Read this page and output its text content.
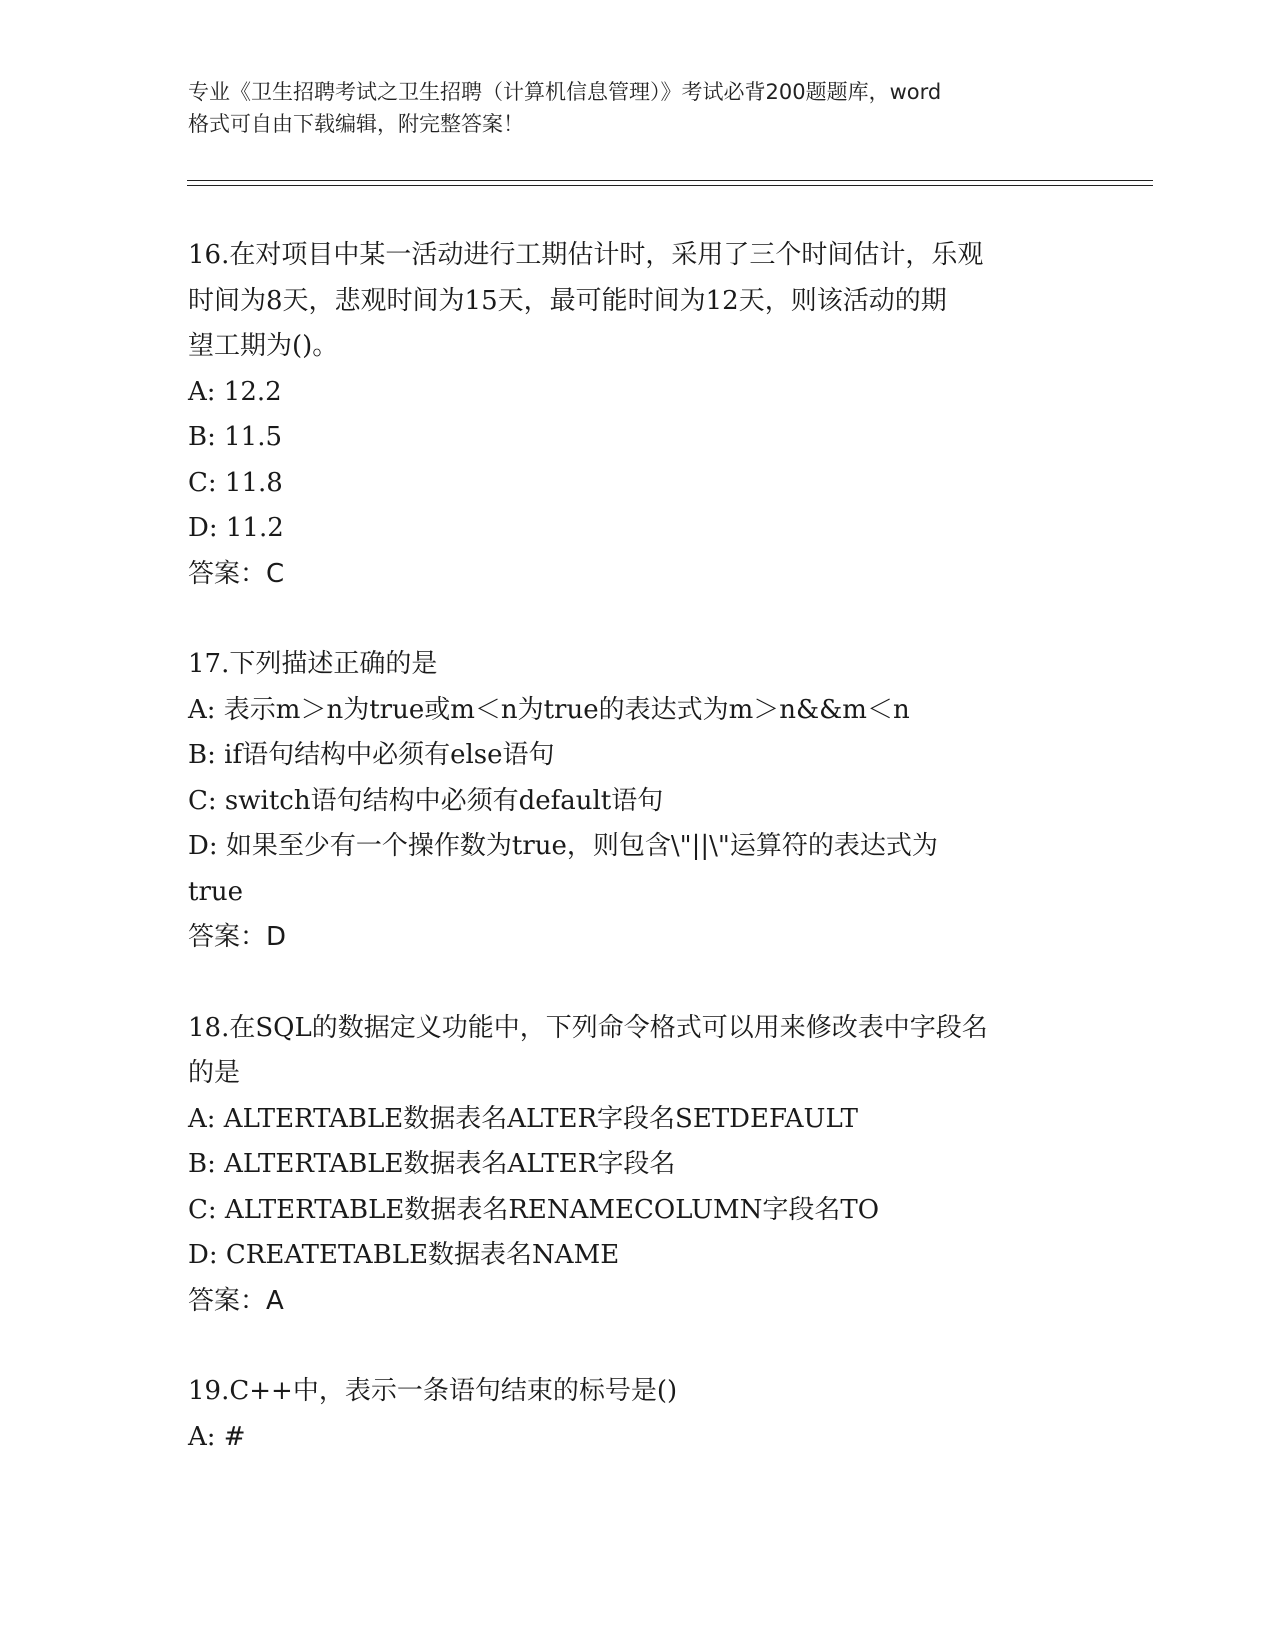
专业《卫生招聘考试之卫生招聘（计算机信息管理）》考试必背200题题库，word
格式可自由下载编辑，附完整答案！
16.在对项目中某一活动进行工期估计时，采用了三个时间估计，乐观
时间为8天，悲观时间为15天，最可能时间为12天，则该活动的期
望工期为()。
A: 12.2
B: 11.5
C: 11.8
D: 11.2
答案：C
17.下列描述正确的是
A: 表示m＞n为true或m＜n为true的表达式为m＞n&&m＜n
B: if语句结构中必须有else语句
C: switch语句结构中必须有default语句
D: 如果至少有一个操作数为true，则包含\"||\"运算符的表达式为
true
答案：D
18.在SQL的数据定义功能中，下列命令格式可以用来修改表中字段名
的是
A: ALTERTABLE数据表名ALTER字段名SETDEFAULT
B: ALTERTABLE数据表名ALTER字段名
C: ALTERTABLE数据表名RENAMECOLUMN字段名TO
D: CREATETABLE数据表名NAME
答案：A
19.C++中，表示一条语句结束的标号是()
A: #
